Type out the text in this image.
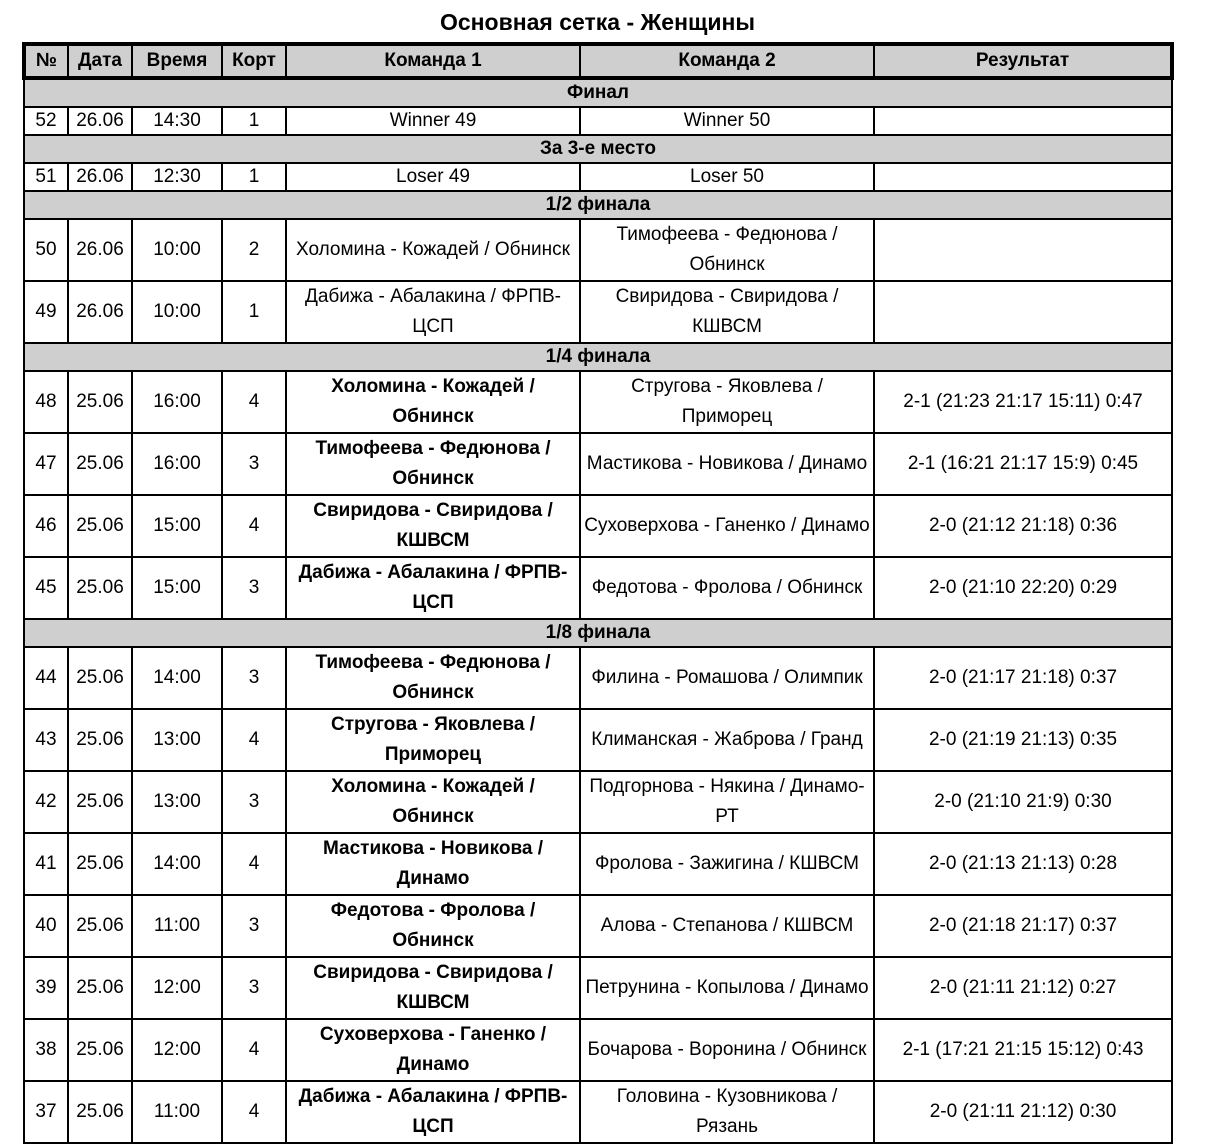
Основная сетка - Женщины
№	Дата	Время	Корт	Команда 1	Команда 2	Результат
Финал						
52	26.06	14:30	1	Winner 49	Winner 50	
За 3-е место						
51	26.06	12:30	1	Loser 49	Loser 50	
1/2 финала						
50	26.06	10:00	2	Холомина - Кожадей / Обнинск	Тимофеева - Федюнова / Обнинск	
49	26.06	10:00	1	Дабижа - Абалакина / ФРПВ-ЦСП	Свиридова - Свиридова / КШВСМ	
1/4 финала						
48	25.06	16:00	4	Холомина - Кожадей / Обнинск	Стругова - Яковлева / Приморец	2-1 (21:23 21:17 15:11) 0:47
47	25.06	16:00	3	Тимофеева - Федюнова / Обнинск	Мастикова - Новикова / Динамо	2-1 (16:21 21:17 15:9) 0:45
46	25.06	15:00	4	Свиридова - Свиридова / КШВСМ	Суховерхова - Ганенко / Динамо	2-0 (21:12 21:18) 0:36
45	25.06	15:00	3	Дабижа - Абалакина / ФРПВ-ЦСП	Федотова - Фролова / Обнинск	2-0 (21:10 22:20) 0:29
1/8 финала						
44	25.06	14:00	3	Тимофеева - Федюнова / Обнинск	Филина - Ромашова / Олимпик	2-0 (21:17 21:18) 0:37
43	25.06	13:00	4	Стругова - Яковлева / Приморец	Климанская - Жаброва / Гранд	2-0 (21:19 21:13) 0:35
42	25.06	13:00	3	Холомина - Кожадей / Обнинск	Подгорнова - Някина / Динамо-РТ	2-0 (21:10 21:9) 0:30
41	25.06	14:00	4	Мастикова - Новикова / Динамо	Фролова - Зажигина / КШВСМ	2-0 (21:13 21:13) 0:28
40	25.06	11:00	3	Федотова - Фролова / Обнинск	Алова - Степанова / КШВСМ	2-0 (21:18 21:17) 0:37
39	25.06	12:00	3	Свиридова - Свиридова / КШВСМ	Петрунина - Копылова / Динамо	2-0 (21:11 21:12) 0:27
38	25.06	12:00	4	Суховерхова - Ганенко / Динамо	Бочарова - Воронина / Обнинск	2-1 (17:21 21:15 15:12) 0:43
37	25.06	11:00	4	Дабижа - Абалакина / ФРПВ-ЦСП	Головина - Кузовникова / Рязань	2-0 (21:11 21:12) 0:30
